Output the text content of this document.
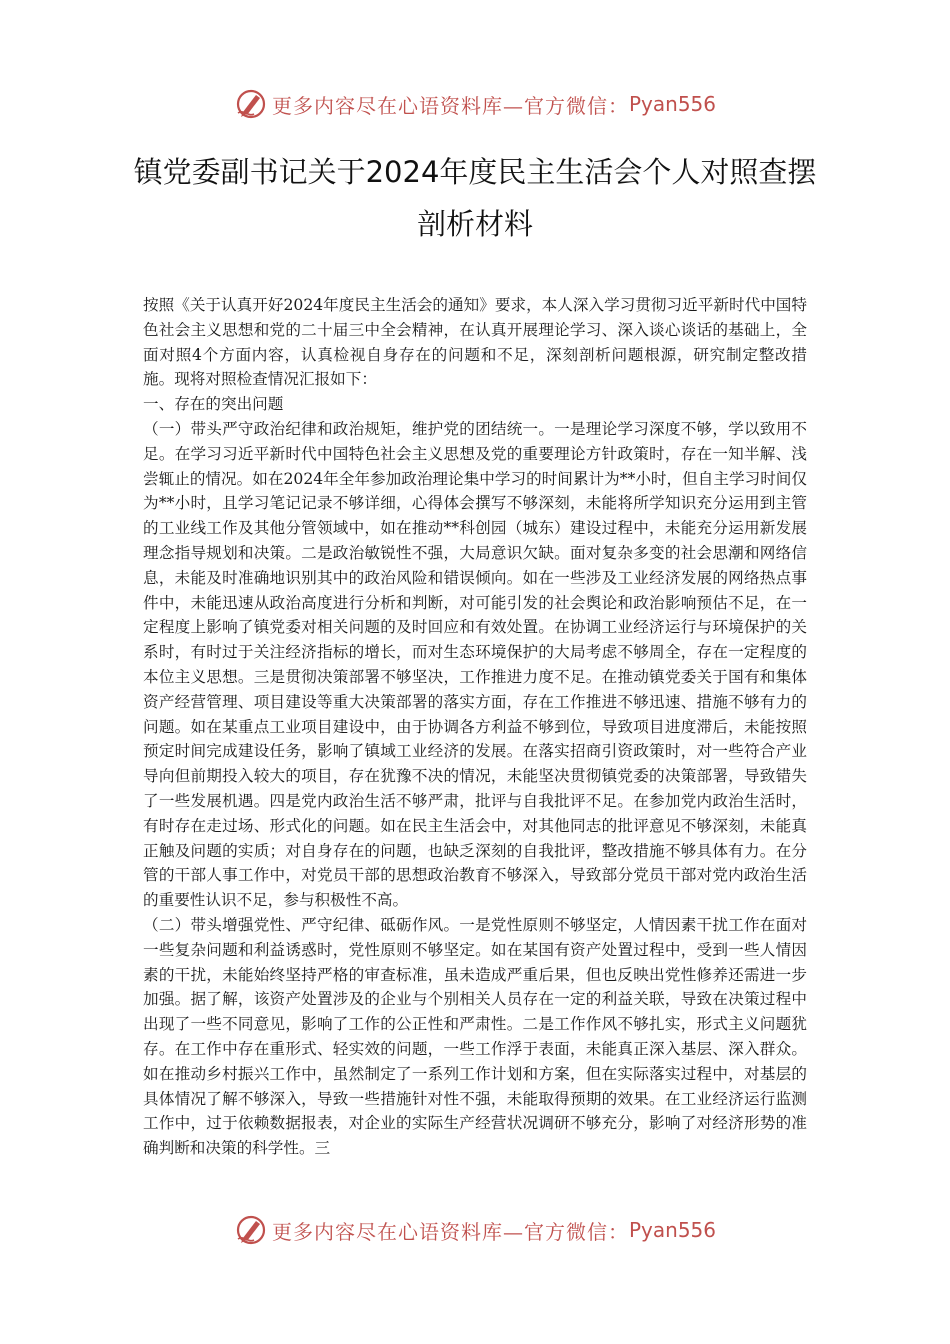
更多内容尽在心语资料库—官方微信： Pyan556
镇党委副书记关于2024年度民主生活会个人对照查摆剖析材料

按照《关于认真开好2024年度民主生活会的通知》要求，本人深入学习贯彻习近平新时代中国特色社会主义思想和党的二十届三中全会精神，在认真开展理论学习、深入谈心谈话的基础上，全面对照4个方面内容，认真检视自身存在的问题和不足，深刻剖析问题根源，研究制定整改措施。现将对照检查情况汇报如下：

一、存在的突出问题

（一）带头严守政治纪律和政治规矩，维护党的团结统一。一是理论学习深度不够，学以致用不足。在学习习近平新时代中国特色社会主义思想及党的重要理论方针政策时，存在一知半解、浅尝辄止的情况。如在2024年全年参加政治理论集中学习的时间累计为**小时，但自主学习时间仅为**小时，且学习笔记记录不够详细，心得体会撰写不够深刻，未能将所学知识充分运用到主管的工业线工作及其他分管领域中，如在推动**科创园（城东）建设过程中，未能充分运用新发展理念指导规划和决策。二是政治敏锐性不强，大局意识欠缺。面对复杂多变的社会思潮和网络信息，未能及时准确地识别其中的政治风险和错误倾向。如在一些涉及工业经济发展的网络热点事件中，未能迅速从政治高度进行分析和判断，对可能引发的社会舆论和政治影响预估不足，在一定程度上影响了镇党委对相关问题的及时回应和有效处置。在协调工业经济运行与环境保护的关系时，有时过于关注经济指标的增长，而对生态环境保护的大局考虑不够周全，存在一定程度的本位主义思想。三是贯彻决策部署不够坚决，工作推进力度不足。在推动镇党委关于国有和集体资产经营管理、项目建设等重大决策部署的落实方面，存在工作推进不够迅速、措施不够有力的问题。如在某重点工业项目建设中，由于协调各方利益不够到位，导致项目进度滞后，未能按照预定时间完成建设任务，影响了镇域工业经济的发展。在落实招商引资政策时，对一些符合产业导向但前期投入较大的项目，存在犹豫不决的情况，未能坚决贯彻镇党委的决策部署，导致错失了一些发展机遇。四是党内政治生活不够严肃，批评与自我批评不足。在参加党内政治生活时，有时存在走过场、形式化的问题。如在民主生活会中，对其他同志的批评意见不够深刻，未能真正触及问题的实质；对自身存在的问题，也缺乏深刻的自我批评，整改措施不够具体有力。在分管的干部人事工作中，对党员干部的思想政治教育不够深入，导致部分党员干部对党内政治生活的重要性认识不足，参与积极性不高。

（二）带头增强党性、严守纪律、砥砺作风。一是党性原则不够坚定，人情因素干扰工作在面对一些复杂问题和利益诱惑时，党性原则不够坚定。如在某国有资产处置过程中，受到一些人情因素的干扰，未能始终坚持严格的审查标准，虽未造成严重后果，但也反映出党性修养还需进一步加强。据了解，该资产处置涉及的企业与个别相关人员存在一定的利益关联，导致在决策过程中出现了一些不同意见，影响了工作的公正性和严肃性。二是工作作风不够扎实，形式主义问题犹存。在工作中存在重形式、轻实效的问题，一些工作浮于表面，未能真正深入基层、深入群众。如在推动乡村振兴工作中，虽然制定了一系列工作计划和方案，但在实际落实过程中，对基层的具体情况了解不够深入，导致一些措施针对性不强，未能取得预期的效果。在工业经济运行监测工作中，过于依赖数据报表，对企业的实际生产经营状况调研不够充分，影响了对经济形势的准确判断和决策的科学性。三

更多内容尽在心语资料库—官方微信： Pyan556
